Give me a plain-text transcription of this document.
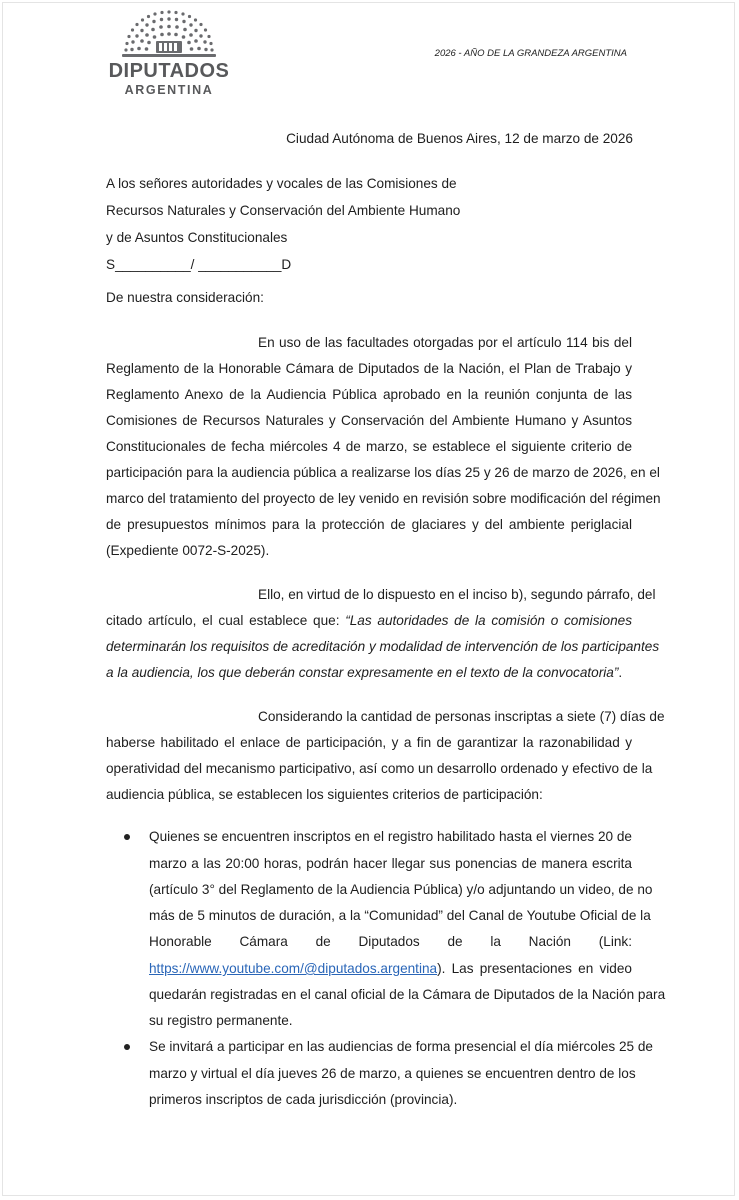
DIPUTADOS
ARGENTINA
2026 - AÑO DE LA GRANDEZA ARGENTINA
Ciudad Autónoma de Buenos Aires, 12 de marzo de 2026
A los señores autoridades y vocales de las Comisiones de
Recursos Naturales y Conservación del Ambiente Humano
y de Asuntos Constitucionales
S__________/ ___________D
De nuestra consideración:
En uso de las facultades otorgadas por el artículo 114 bis del
Reglamento de la Honorable Cámara de Diputados de la Nación, el Plan de Trabajo y
Reglamento Anexo de la Audiencia Pública aprobado en la reunión conjunta de las
Comisiones de Recursos Naturales y Conservación del Ambiente Humano y Asuntos
Constitucionales de fecha miércoles 4 de marzo, se establece el siguiente criterio de
participación para la audiencia pública a realizarse los días 25 y 26 de marzo de 2026, en el
marco del tratamiento del proyecto de ley venido en revisión sobre modificación del régimen
de presupuestos mínimos para la protección de glaciares y del ambiente periglacial
(Expediente 0072-S-2025).
Ello, en virtud de lo dispuesto en el inciso b), segundo párrafo, del
citado artículo, el cual establece que: “Las autoridades de la comisión o comisiones
determinarán los requisitos de acreditación y modalidad de intervención de los participantes
a la audiencia, los que deberán constar expresamente en el texto de la convocatoria”.
Considerando la cantidad de personas inscriptas a siete (7) días de
haberse habilitado el enlace de participación, y a fin de garantizar la razonabilidad y
operatividad del mecanismo participativo, así como un desarrollo ordenado y efectivo de la
audiencia pública, se establecen los siguientes criterios de participación:
Quienes se encuentren inscriptos en el registro habilitado hasta el viernes 20 de
marzo a las 20:00 horas, podrán hacer llegar sus ponencias de manera escrita
(artículo 3° del Reglamento de la Audiencia Pública) y/o adjuntando un video, de no
más de 5 minutos de duración, a la “Comunidad” del Canal de Youtube Oficial de la
Honorable Cámara de Diputados de la Nación (Link:
https://www.youtube.com/@diputados.argentina). Las presentaciones en video
quedarán registradas en el canal oficial de la Cámara de Diputados de la Nación para
su registro permanente.
Se invitará a participar en las audiencias de forma presencial el día miércoles 25 de
marzo y virtual el día jueves 26 de marzo, a quienes se encuentren dentro de los
primeros inscriptos de cada jurisdicción (provincia).
